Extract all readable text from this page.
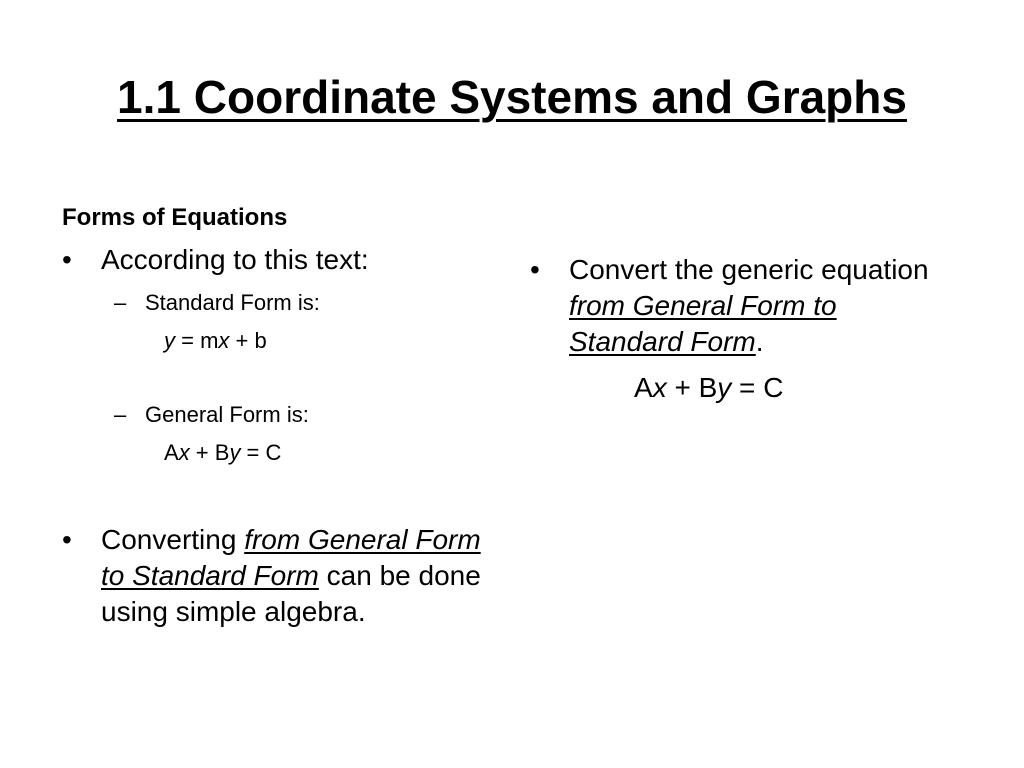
1.1 Coordinate Systems and Graphs
Forms of Equations
• According to this text:
– Standard Form is:
y = mx + b
– General Form is:
Ax + By = C
• Converting from General Form to Standard Form can be done using simple algebra.
• Convert the generic equation from General Form to Standard Form.
Ax + By = C
